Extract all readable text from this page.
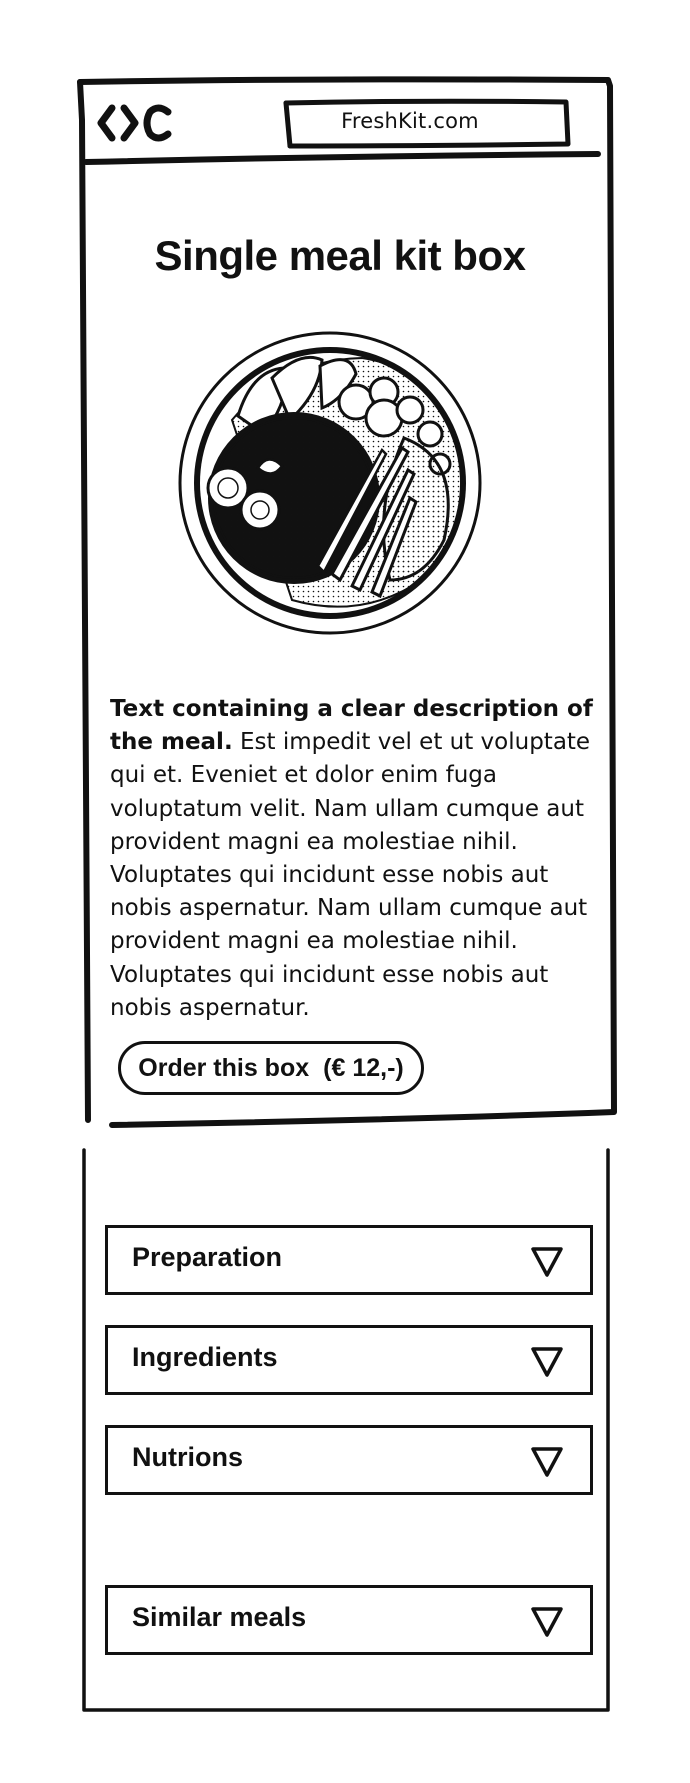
FreshKit.com
Single meal kit box

Text containing a clear description of the meal. Est impedit vel et ut voluptate qui et. Eveniet et dolor enim fuga voluptatum velit. Nam ullam cumque aut provident magni ea molestiae nihil. Voluptates qui incidunt esse nobis aut nobis aspernatur. Nam ullam cumque aut provident magni ea molestiae nihil. Voluptates qui incidunt esse nobis aut nobis aspernatur.

Order this box (€ 12,-)
Preparation
Ingredients
Nutrions
Similar meals
